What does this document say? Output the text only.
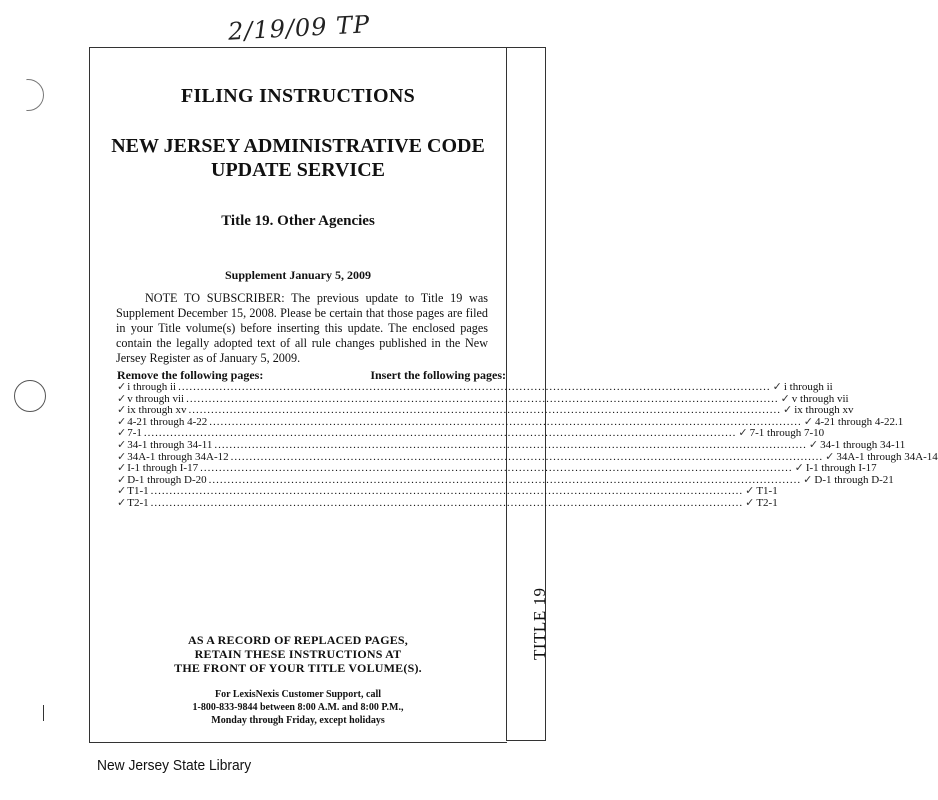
2/19/09 TP
TITLE 19
FILING INSTRUCTIONS
NEW JERSEY ADMINISTRATIVE CODE
UPDATE SERVICE
Title 19. Other Agencies
Supplement January 5, 2009
NOTE TO SUBSCRIBER: The previous update to Title 19 was Supplement December 15, 2008. Please be certain that those pages are filed in your Title volume(s) before inserting this update. The enclosed pages contain the legally adopted text of all rule changes published in the New Jersey Register as of January 5, 2009.
Remove the following pages:	Insert the following pages:
✓i through ii .............................................................................................................................................................. ✓ i through ii
✓v through vii .............................................................................................................................................................. ✓ v through vii
✓ix through xv .............................................................................................................................................................. ✓ ix through xv
✓4-21 through 4-22 .............................................................................................................................................................. ✓ 4-21 through 4-22.1
✓7-1 .............................................................................................................................................................. ✓ 7-1 through 7-10
✓34-1 through 34-11 .............................................................................................................................................................. ✓ 34-1 through 34-11
✓34A-1 through 34A-12 .............................................................................................................................................................. ✓ 34A-1 through 34A-14
✓I-1 through I-17 .............................................................................................................................................................. ✓ I-1 through I-17
✓D-1 through D-20 .............................................................................................................................................................. ✓ D-1 through D-21
✓T1-1 .............................................................................................................................................................. ✓ T1-1
✓T2-1 .............................................................................................................................................................. ✓ T2-1
AS A RECORD OF REPLACED PAGES,
RETAIN THESE INSTRUCTIONS AT
THE FRONT OF YOUR TITLE VOLUME(S).
For LexisNexis Customer Support, call
1-800-833-9844 between 8:00 A.M. and 8:00 P.M.,
Monday through Friday, except holidays
New Jersey State Library
